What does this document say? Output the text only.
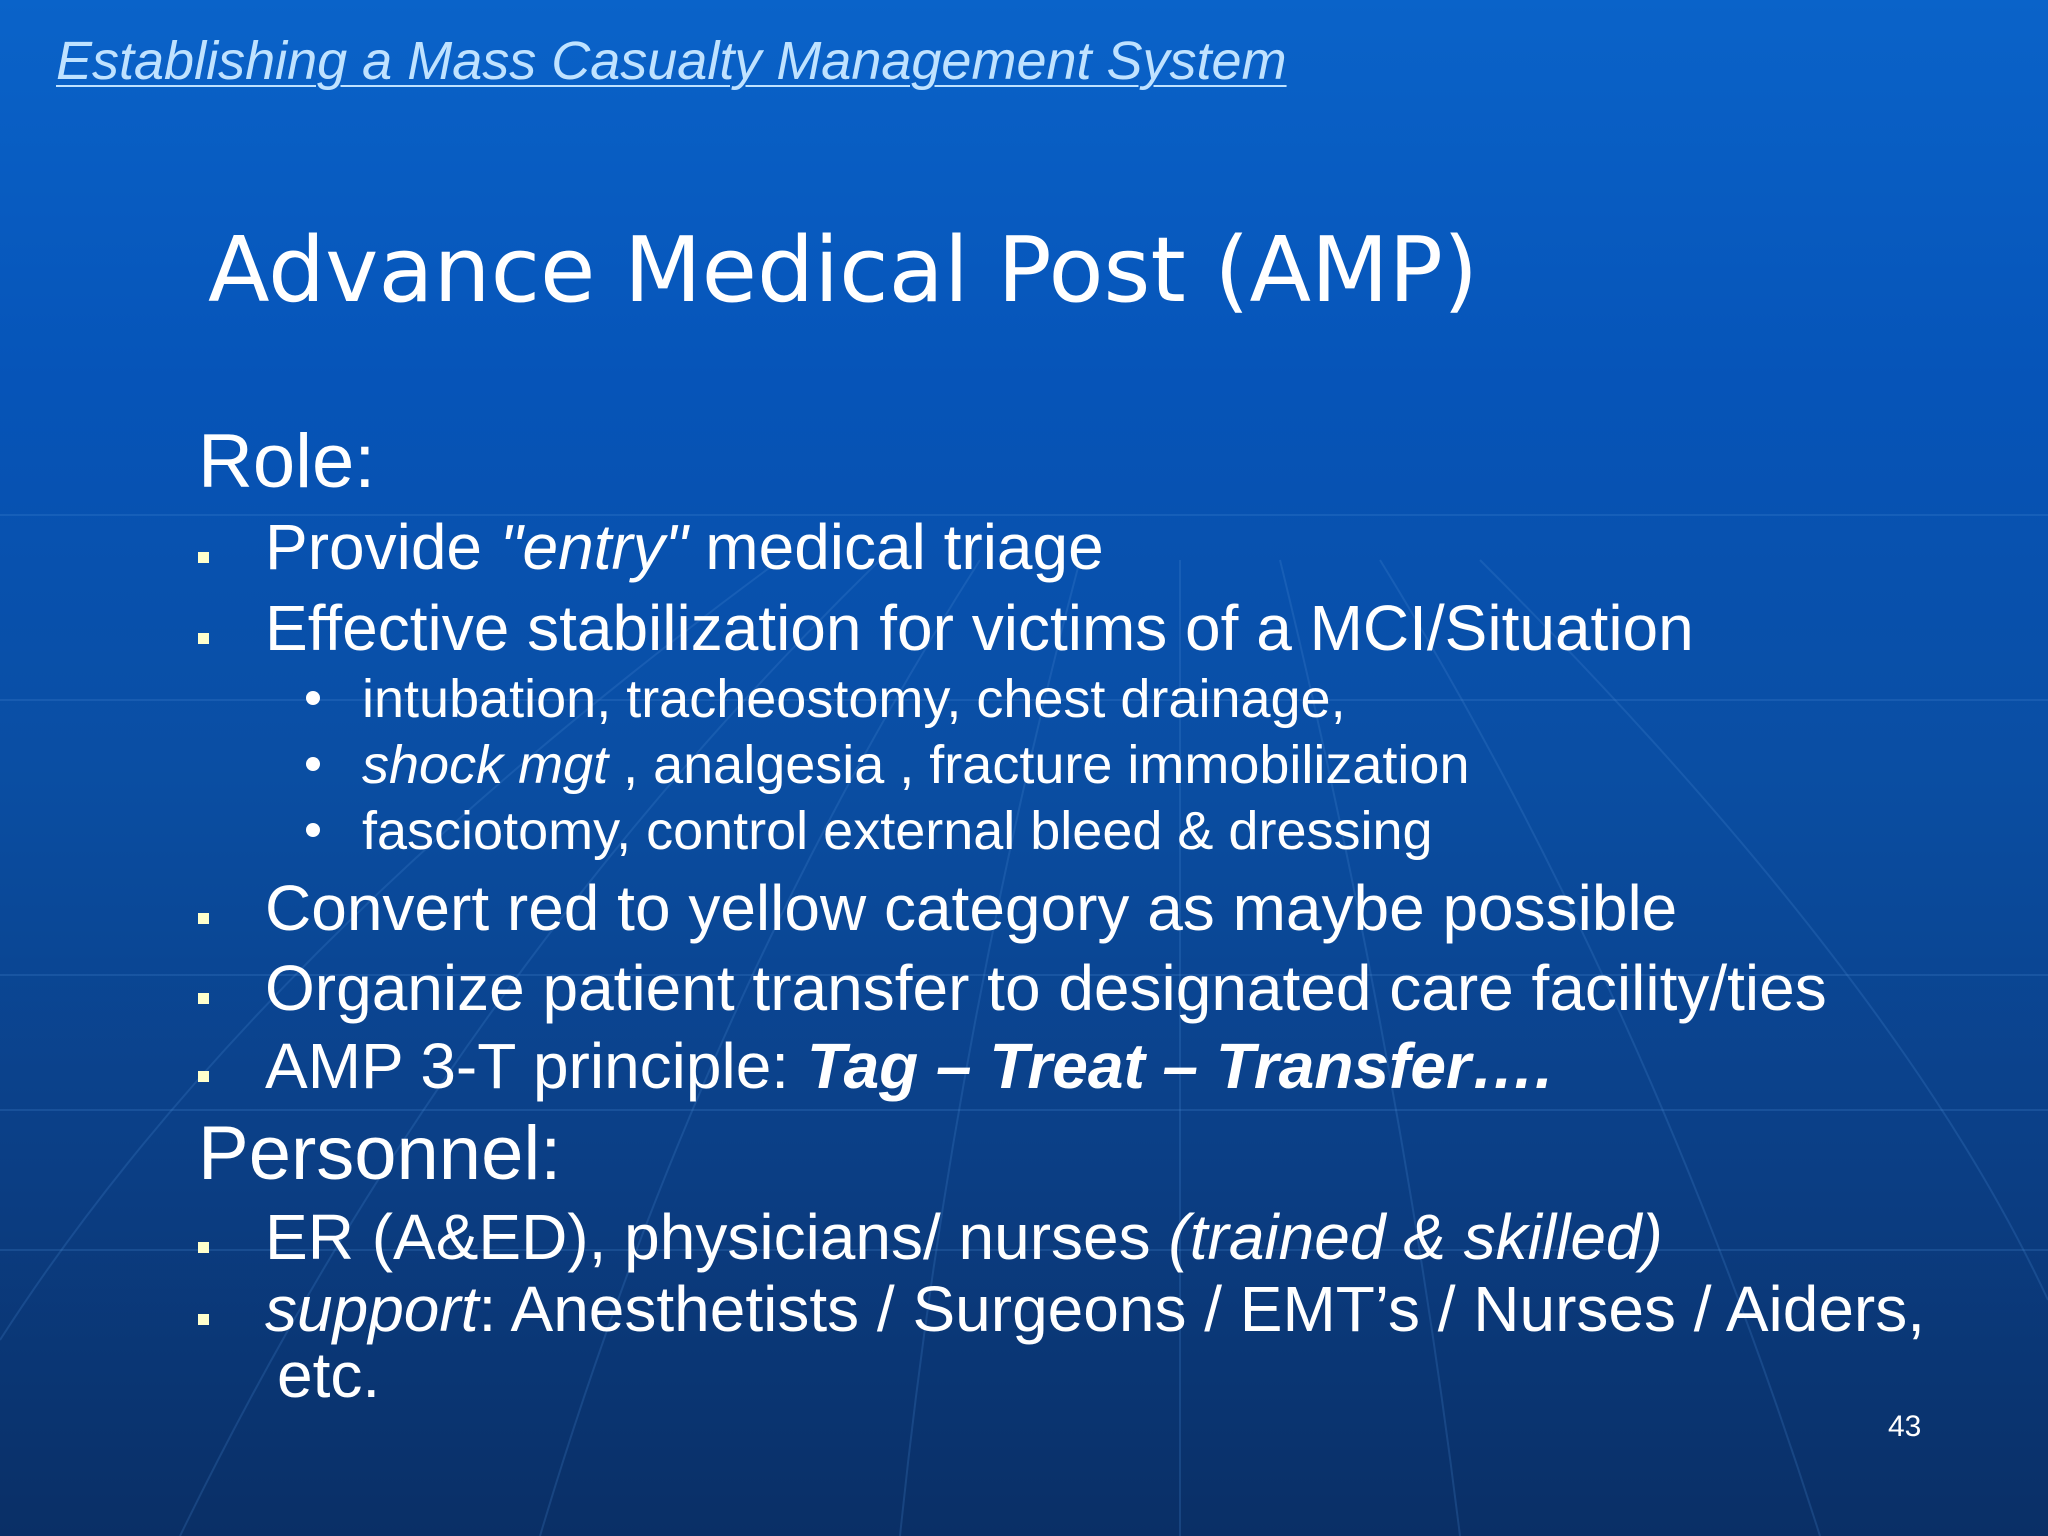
Establishing a Mass Casualty Management System
Advance Medical Post (AMP)
Role:
Provide "entry" medical triage
Effective stabilization for victims of a MCI/Situation
intubation, tracheostomy, chest drainage,
shock mgt , analgesia , fracture immobilization
fasciotomy, control external bleed & dressing
Convert red to yellow category as maybe possible
Organize patient transfer to designated care facility/ties
AMP 3-T principle: Tag – Treat – Transfer….
Personnel:
ER (A&ED), physicians/ nurses (trained & skilled)
support : Anesthetists / Surgeons / EMT’s / Nurses / Aiders,
etc.
43
